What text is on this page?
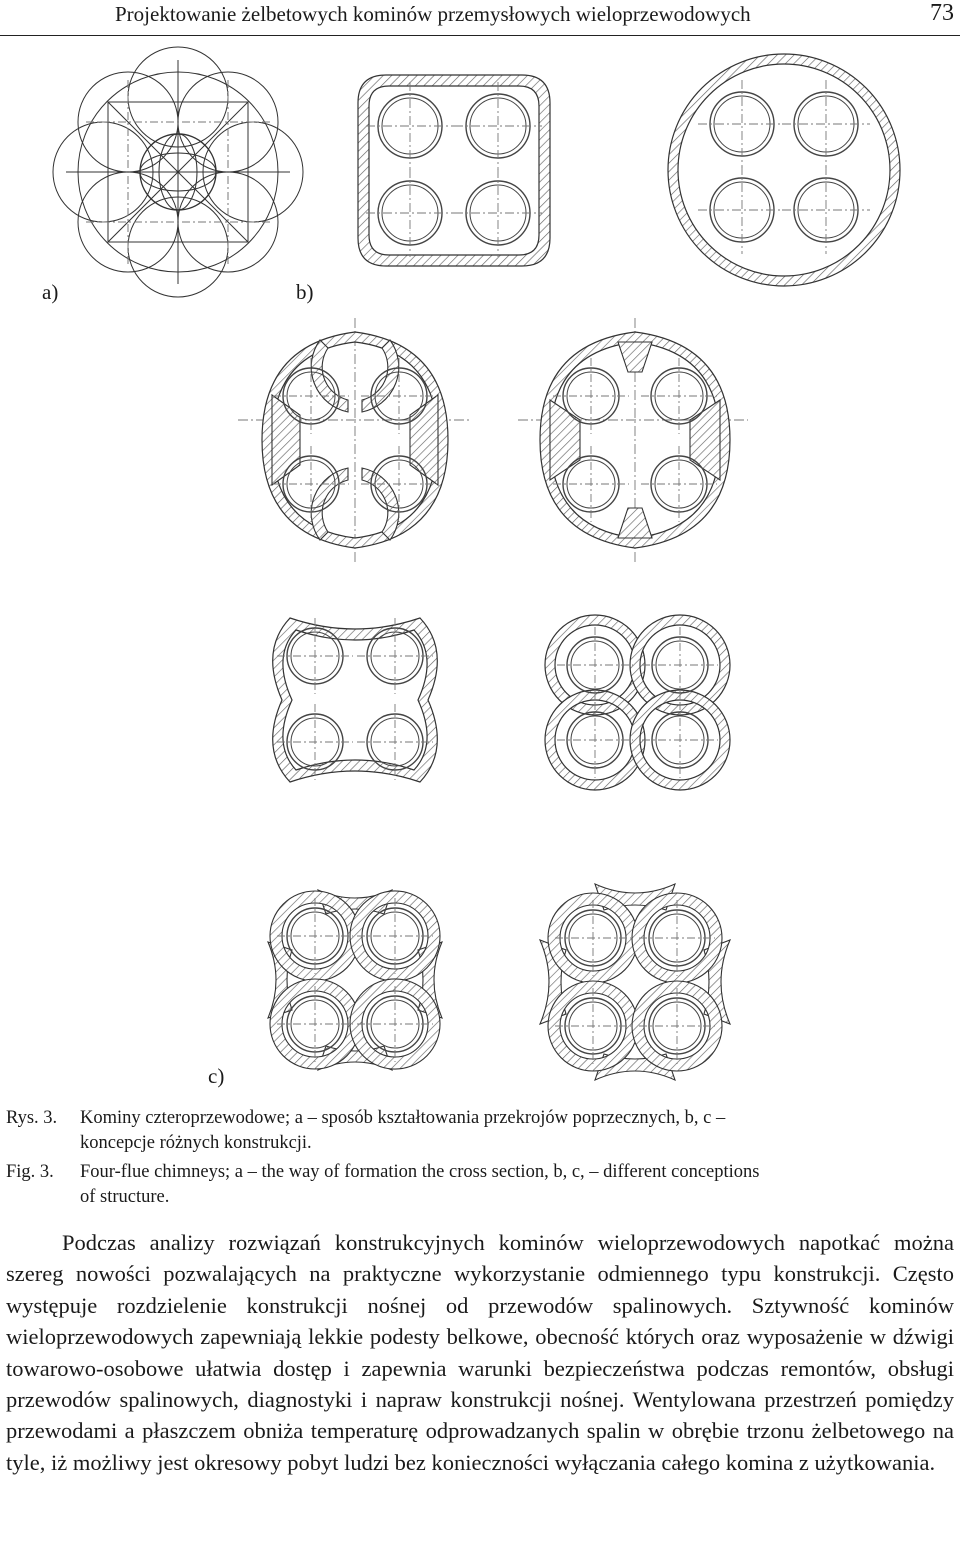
Projektowanie żelbetowych kominów przemysłowych wieloprzewodowych	73
a)	b)
c)
Rys. 3. Kominy czteroprzewodowe; a – sposób kształtowania przekrojów poprzecznych, b, c –
koncepcje różnych konstrukcji.
Fig. 3. Four-flue chimneys; a – the way of formation the cross section, b, c, – different conceptions
of structure.

Podczas analizy rozwiązań konstrukcyjnych kominów wieloprzewodowych napotkać można szereg nowości pozwalających na praktyczne wykorzystanie odmiennego typu konstrukcji. Często występuje rozdzielenie konstrukcji nośnej od przewodów spalinowych. Sztywność kominów wieloprzewodowych zapewniają lekkie podesty belkowe, obecność których oraz wyposażenie w dźwigi towarowo-osobowe ułatwia dostęp i zapewnia warunki bezpieczeństwa podczas remontów, obsługi przewodów spalinowych, diagnostyki i napraw konstrukcji nośnej. Wentylowana przestrzeń pomiędzy przewodami a płaszczem obniża temperaturę odprowadzanych spalin w obrębie trzonu żelbetowego na tyle, iż możliwy jest okresowy pobyt ludzi bez konieczności wyłączania całego komina z użytkowania.
